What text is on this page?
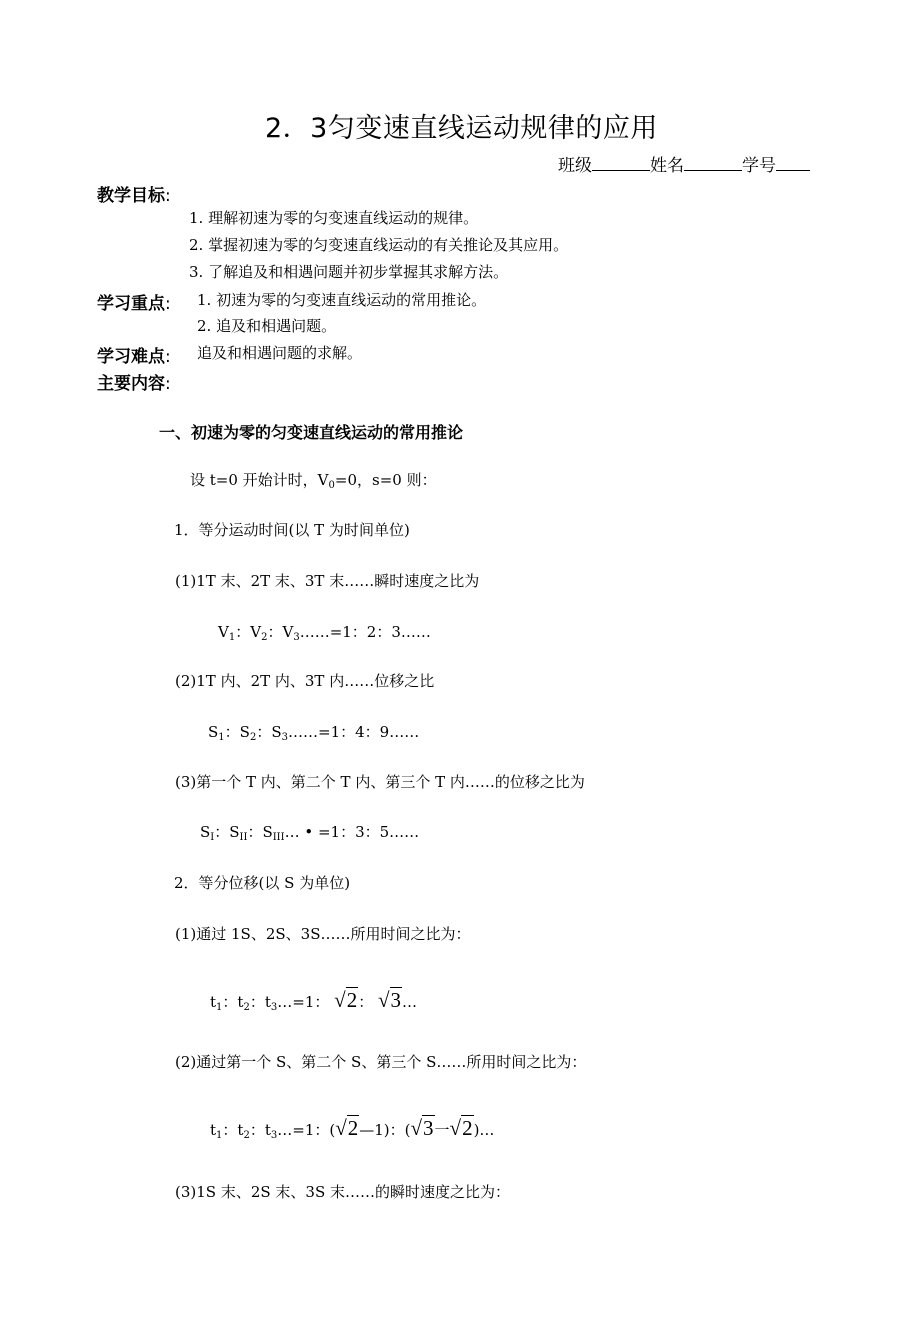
2．3匀变速直线运动规律的应用
班级	姓名	学号
教学目标:
1. 理解初速为零的匀变速直线运动的规律。
2. 掌握初速为零的匀变速直线运动的有关推论及其应用。
3. 了解追及和相遇问题并初步掌握其求解方法。
学习重点: 1. 初速为零的匀变速直线运动的常用推论。
2. 追及和相遇问题。
学习难点: 追及和相遇问题的求解。
主要内容:
一、初速为零的匀变速直线运动的常用推论
设 t=0 开始计时，$V_0=0$，s=0 则：
1．等分运动时间(以 T 为时间单位)
(1)1T 末、2T 末、3T 末……瞬时速度之比为
$V_1$：$V_2$：$V_3\dots\dots=1$：2：3……
(2)1T 内、2T 内、3T 内……位移之比
$S_1$：$S_2$：$S_3\dots\dots=1$：4：9……
(3)第一个 T 内、第二个 T 内、第三个 T 内……的位移之比为
$S_I$：$S_{II}$：$S_{III}\dots$ • =1：3：5……
2．等分位移(以 S 为单位)
(1)通过 1S、2S、3S……所用时间之比为：
$t_1$：$t_2$：$t_3\dots=1$： √2： √3…
(2)通过第一个 S、第二个 S、第三个 S……所用时间之比为：
$t_1$：$t_2$：$t_3\dots=1$：(√2—1)：(√3一√2)…
(3)1S 末、2S 末、3S 末……的瞬时速度之比为：
